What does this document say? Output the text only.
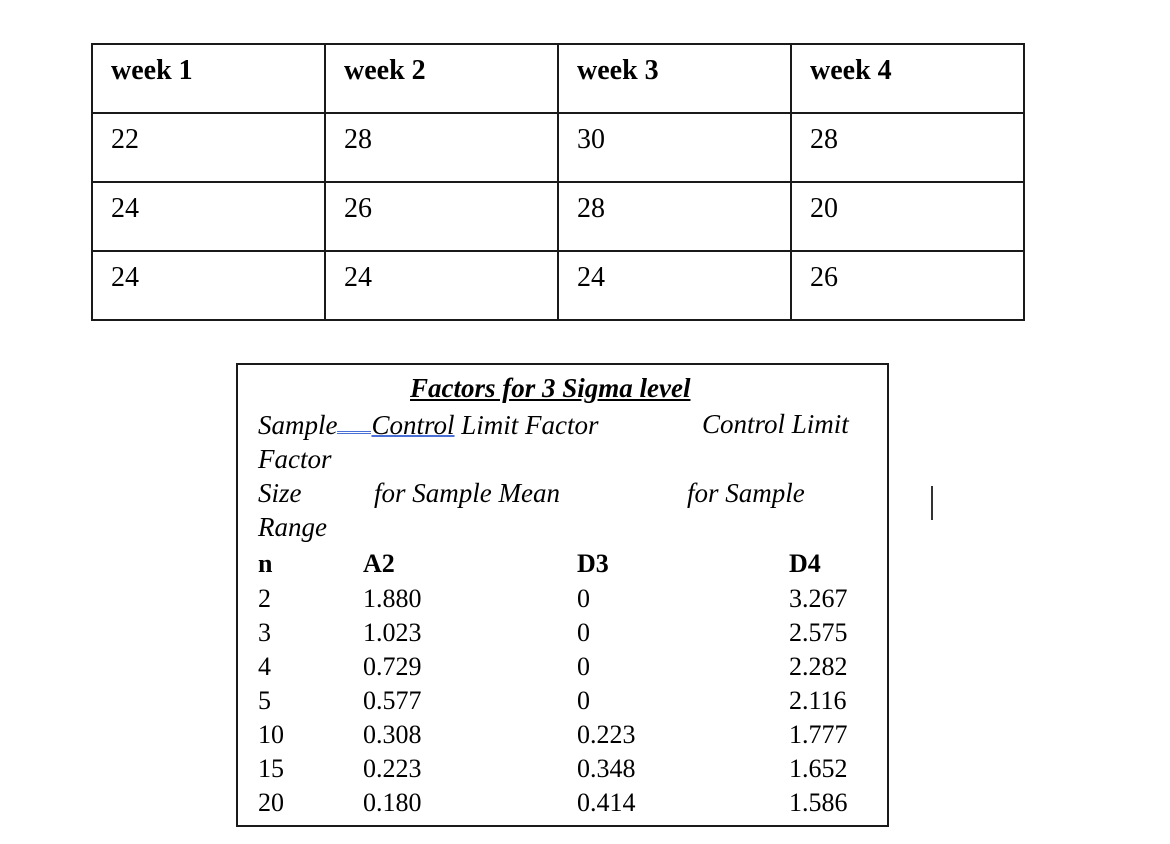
week 1	week 2	week 3	week 4
22	28	30	28
24	26	28	20
24	24	24	26
Factors for 3 Sigma level
Sample Control Limit Factor	Control Limit
Factor
Size	for Sample Mean	for Sample
Range
n	A2	D3	D4
2	1.880	0	3.267
3	1.023	0	2.575
4	0.729	0	2.282
5	0.577	0	2.116
10	0.308	0.223	1.777
15	0.223	0.348	1.652
20	0.180	0.414	1.586
